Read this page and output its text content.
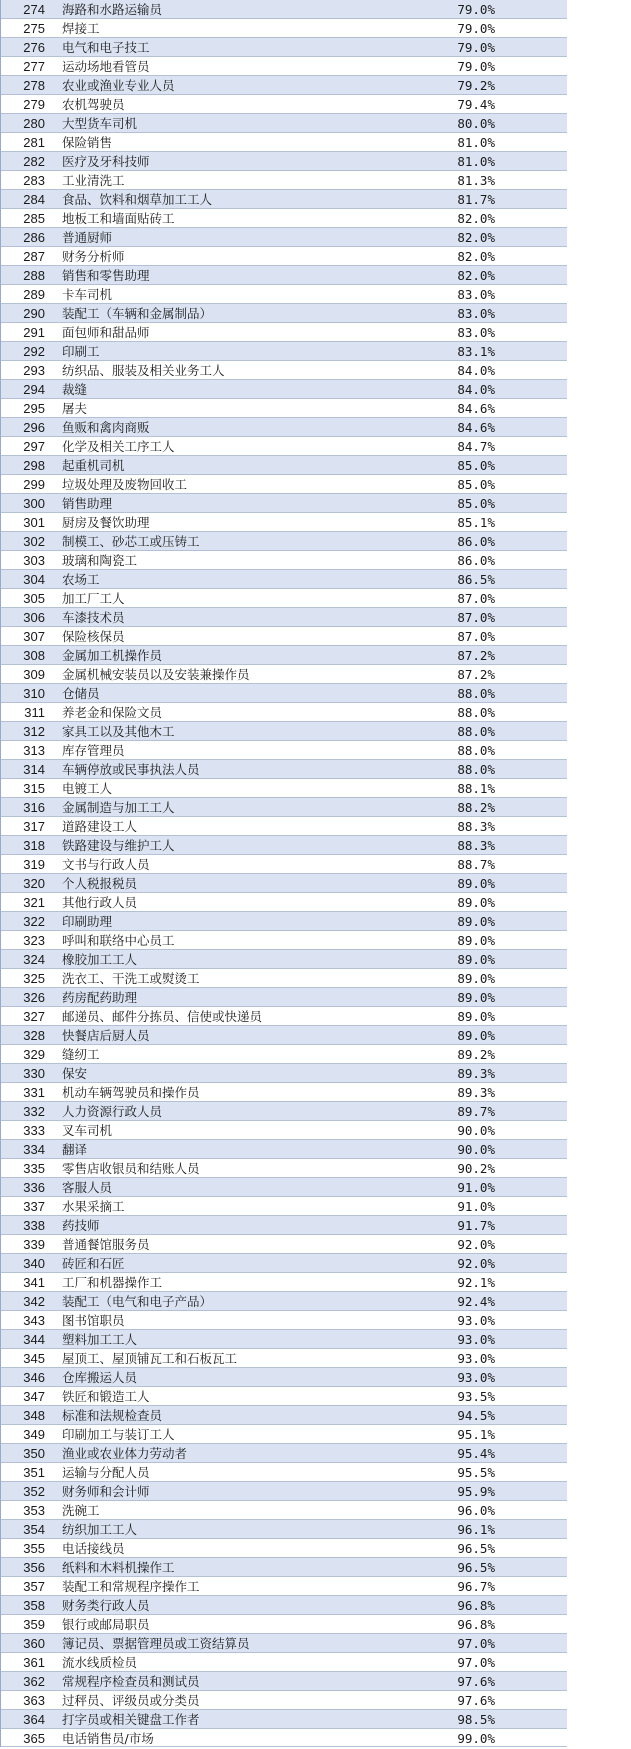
274	海路和水路运输员	79.0%
275	焊接工	79.0%
276	电气和电子技工	79.0%
277	运动场地看管员	79.0%
278	农业或渔业专业人员	79.2%
279	农机驾驶员	79.4%
280	大型货车司机	80.0%
281	保险销售	81.0%
282	医疗及牙科技师	81.0%
283	工业清洗工	81.3%
284	食品、饮料和烟草加工工人	81.7%
285	地板工和墙面贴砖工	82.0%
286	普通厨师	82.0%
287	财务分析师	82.0%
288	销售和零售助理	82.0%
289	卡车司机	83.0%
290	装配工（车辆和金属制品）	83.0%
291	面包师和甜品师	83.0%
292	印刷工	83.1%
293	纺织品、服装及相关业务工人	84.0%
294	裁缝	84.0%
295	屠夫	84.6%
296	鱼贩和禽肉商贩	84.6%
297	化学及相关工序工人	84.7%
298	起重机司机	85.0%
299	垃圾处理及废物回收工	85.0%
300	销售助理	85.0%
301	厨房及餐饮助理	85.1%
302	制模工、砂芯工或压铸工	86.0%
303	玻璃和陶瓷工	86.0%
304	农场工	86.5%
305	加工厂工人	87.0%
306	车漆技术员	87.0%
307	保险核保员	87.0%
308	金属加工机操作员	87.2%
309	金属机械安装员以及安装兼操作员	87.2%
310	仓储员	88.0%
311	养老金和保险文员	88.0%
312	家具工以及其他木工	88.0%
313	库存管理员	88.0%
314	车辆停放或民事执法人员	88.0%
315	电镀工人	88.1%
316	金属制造与加工工人	88.2%
317	道路建设工人	88.3%
318	铁路建设与维护工人	88.3%
319	文书与行政人员	88.7%
320	个人税报税员	89.0%
321	其他行政人员	89.0%
322	印刷助理	89.0%
323	呼叫和联络中心员工	89.0%
324	橡胶加工工人	89.0%
325	洗衣工、干洗工或熨烫工	89.0%
326	药房配药助理	89.0%
327	邮递员、邮件分拣员、信使或快递员	89.0%
328	快餐店后厨人员	89.0%
329	缝纫工	89.2%
330	保安	89.3%
331	机动车辆驾驶员和操作员	89.3%
332	人力资源行政人员	89.7%
333	叉车司机	90.0%
334	翻译	90.0%
335	零售店收银员和结账人员	90.2%
336	客服人员	91.0%
337	水果采摘工	91.0%
338	药技师	91.7%
339	普通餐馆服务员	92.0%
340	砖匠和石匠	92.0%
341	工厂和机器操作工	92.1%
342	装配工（电气和电子产品）	92.4%
343	图书馆职员	93.0%
344	塑料加工工人	93.0%
345	屋顶工、屋顶铺瓦工和石板瓦工	93.0%
346	仓库搬运人员	93.0%
347	铁匠和锻造工人	93.5%
348	标准和法规检查员	94.5%
349	印刷加工与装订工人	95.1%
350	渔业或农业体力劳动者	95.4%
351	运输与分配人员	95.5%
352	财务师和会计师	95.9%
353	洗碗工	96.0%
354	纺织加工工人	96.1%
355	电话接线员	96.5%
356	纸料和木料机操作工	96.5%
357	装配工和常规程序操作工	96.7%
358	财务类行政人员	96.8%
359	银行或邮局职员	96.8%
360	簿记员、票据管理员或工资结算员	97.0%
361	流水线质检员	97.0%
362	常规程序检查员和测试员	97.6%
363	过秤员、评级员或分类员	97.6%
364	打字员或相关键盘工作者	98.5%
365	电话销售员/市场	99.0%
